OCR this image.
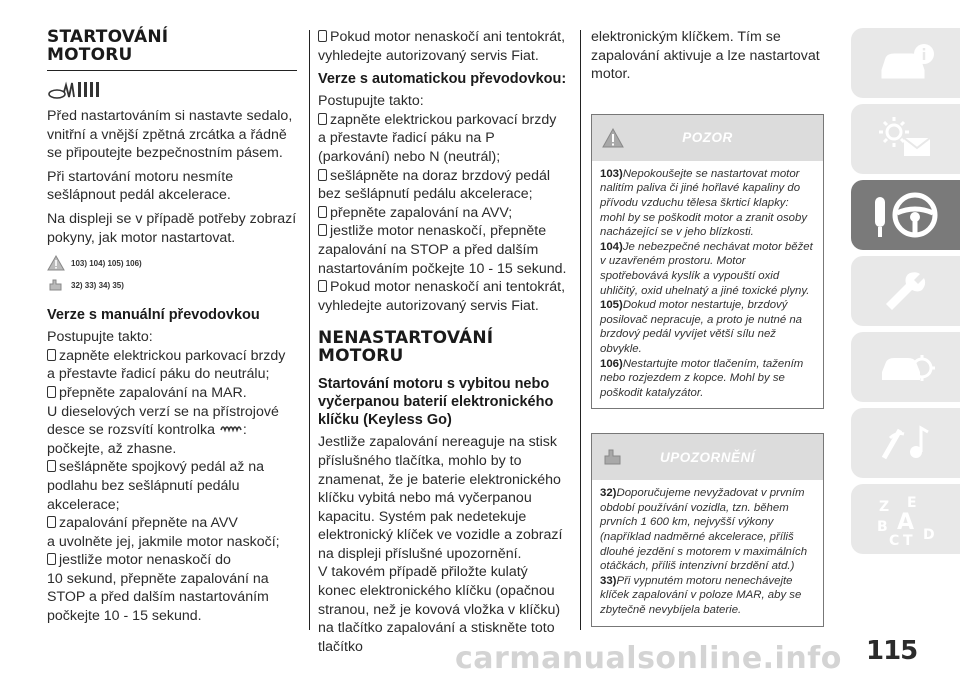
STARTOVÁNÍ
MOTORU

Před nastartováním si nastavte sedalo, vnitřní a vnější zpětná zrcátka a řádně se připoutejte bezpečnostním pásem.

Při startování motoru nesmíte sešlápnout pedál akcelerace.

Na displeji se v případě potřeby zobrazí pokyny, jak motor nastartovat.

103) 104) 105) 106)
32) 33) 34) 35)
Verze s manuální převodovkou

Postupujte takto:

zapněte elektrickou parkovací brzdy a přestavte řadicí páku do neutrálu;

přepněte zapalování na MAR.

U dieselových verzí se na přístrojové desce se rozsvítí kontrolka :

počkejte, až zhasne.

sešlápněte spojkový pedál až na podlahu bez sešlápnutí pedálu akcelerace;

zapalování přepněte na AVV

a uvolněte jej, jakmile motor naskočí;

jestliže motor nenaskočí do

10 sekund, přepněte zapalování na STOP a před dalším nastartováním počkejte 10 - 15 sekund.

Pokud motor nenaskočí ani tentokrát, vyhledejte autorizovaný servis Fiat.

Verze s automatickou převodovkou:

Postupujte takto:

zapněte elektrickou parkovací brzdy a přestavte řadicí páku na P (parkování) nebo N (neutrál);

sešlápněte na doraz brzdový pedál bez sešlápnutí pedálu akcelerace;

přepněte zapalování na AVV;

jestliže motor nenaskočí, přepněte zapalování na STOP a před dalším nastartováním počkejte 10 - 15 sekund.

Pokud motor nenaskočí ani tentokrát, vyhledejte autorizovaný servis Fiat.

NENASTARTOVÁNÍ
MOTORU
Startování motoru s vybitou nebo vyčerpanou baterií elektronického klíčku (Keyless Go)

Jestliže zapalování nereaguje na stisk příslušného tlačítka, mohlo by to znamenat, že je baterie elektronického klíčku vybitá nebo má vyčerpanou kapacitu. Systém pak nedetekuje elektronický klíček ve vozidle a zobrazí na displeji příslušné upozornění.

V takovém případě přiložte kulatý konec elektronického klíčku (opačnou stranou, než je kovová vložka v klíčku) na tlačítko zapalování a stiskněte toto tlačítko

elektronickým klíčkem. Tím se zapalování aktivuje a lze nastartovat motor.

POZOR
103)Nepokoušejte se nastartovat motor nalitím paliva či jiné hořlavé kapaliny do přívodu vzduchu tělesa škrticí klapky: mohl by se poškodit motor a zranit osoby nacházející se v jeho blízkosti.
104)Je nebezpečné nechávat motor běžet v uzavřeném prostoru. Motor spotřebovává kyslík a vypouští oxid uhličitý, oxid uhelnatý a jiné toxické plyny.
105)Dokud motor nestartuje, brzdový posilovač nepracuje, a proto je nutné na brzdový pedál vyvíjet větší sílu než obvykle.
106)Nestartujte motor tlačením, tažením nebo rozjezdem z kopce. Mohl by se poškodit katalyzátor.
UPOZORNĚNÍ
32)Doporučujeme nevyžadovat v prvním období používání vozidla, tzn. během prvních 1 600 km, nejvyšší výkony (například nadměrné akcelerace, příliš dlouhé jezdění s motorem v maximálních otáčkách, příliš intenzivní brzdění atd.)
33)Při vypnutém motoru nenechávejte klíček zapalování v poloze MAR, aby se zbytečně nevybíjela baterie.
Z E
B
C T D
A
carmanualsonline.info 115
